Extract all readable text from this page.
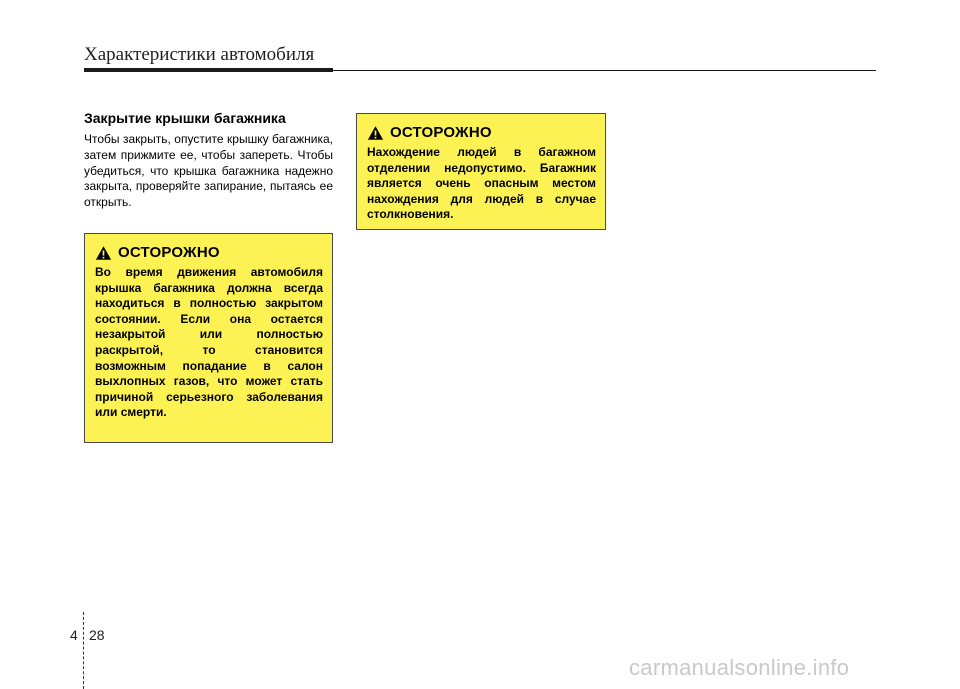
Характеристики автомобиля
Закрытие крышки багажника

Чтобы закрыть, опустите крышку багажника, затем прижмите ее, чтобы запереть. Чтобы убедиться, что крышка багажника надежно закрыта, проверяйте запирание, пытаясь ее открыть.

ОСТОРОЖНО

Во время движения автомобиля крышка багажника должна всегда находиться в полностью закрытом состоянии. Если она остается незакрытой или полностью раскрытой, то становится возможным попадание в салон выхлопных газов, что может стать причиной серьезного заболевания или смерти.

ОСТОРОЖНО

Нахождение людей в багажном отделении недопустимо. Багажник является очень опасным местом нахождения для людей в случае столкновения.

4 28
carmanualsonline.info
